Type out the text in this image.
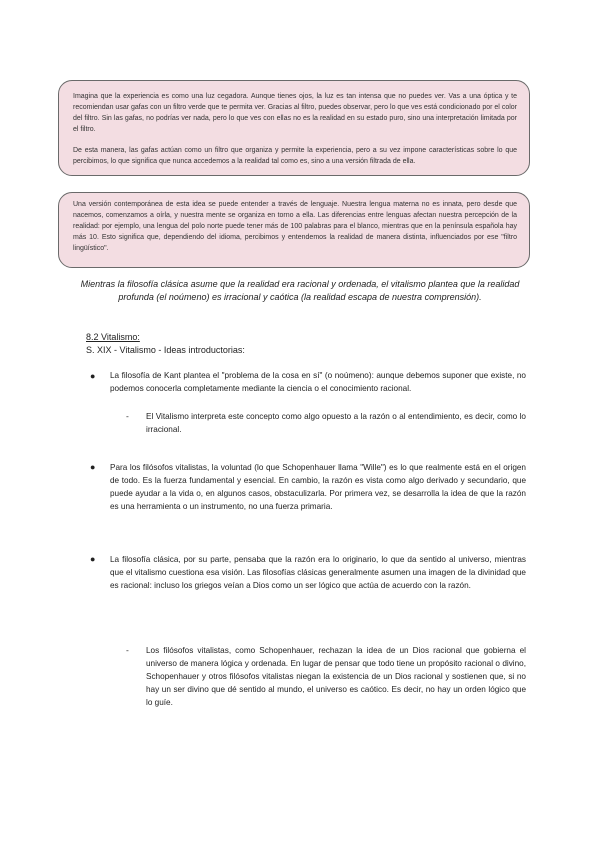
Imagina que la experiencia es como una luz cegadora. Aunque tienes ojos, la luz es tan intensa que no puedes ver. Vas a una óptica y te recomiendan usar gafas con un filtro verde que te permita ver. Gracias al filtro, puedes observar, pero lo que ves está condicionado por el color del filtro. Sin las gafas, no podrías ver nada, pero lo que ves con ellas no es la realidad en su estado puro, sino una interpretación limitada por el filtro.

De esta manera, las gafas actúan como un filtro que organiza y permite la experiencia, pero a su vez impone características sobre lo que percibimos, lo que significa que nunca accedemos a la realidad tal como es, sino a una versión filtrada de ella.

Una versión contemporánea de esta idea se puede entender a través de lenguaje. Nuestra lengua materna no es innata, pero desde que nacemos, comenzamos a oírla, y nuestra mente se organiza en torno a ella. Las diferencias entre lenguas afectan nuestra percepción de la realidad: por ejemplo, una lengua del polo norte puede tener más de 100 palabras para el blanco, mientras que en la península española hay más 10. Esto significa que, dependiendo del idioma, percibimos y entendemos la realidad de manera distinta, influenciados por ese "filtro lingüístico".

Mientras la filosofía clásica asume que la realidad era racional y ordenada, el vitalismo plantea que la realidad profunda (el noúmeno) es irracional y caótica (la realidad escapa de nuestra comprensión).

8.2 Vitalismo:
S. XIX - Vitalismo - Ideas introductorias:
● La filosofía de Kant plantea el "problema de la cosa en sí" (o noúmeno): aunque debemos suponer que existe, no podemos conocerla completamente mediante la ciencia o el conocimiento racional.

- El Vitalismo interpreta este concepto como algo opuesto a la razón o al entendimiento, es decir, como lo irracional.

● Para los filósofos vitalistas, la voluntad (lo que Schopenhauer llama "Wille") es lo que realmente está en el origen de todo. Es la fuerza fundamental y esencial. En cambio, la razón es vista como algo derivado y secundario, que puede ayudar a la vida o, en algunos casos, obstaculizarla. Por primera vez, se desarrolla la idea de que la razón es una herramienta o un instrumento, no una fuerza primaria.

● La filosofía clásica, por su parte, pensaba que la razón era lo originario, lo que da sentido al universo, mientras que el vitalismo cuestiona esa visión. Las filosofías clásicas generalmente asumen una imagen de la divinidad que es racional: incluso los griegos veían a Dios como un ser lógico que actúa de acuerdo con la razón.

- Los filósofos vitalistas, como Schopenhauer, rechazan la idea de un Dios racional que gobierna el universo de manera lógica y ordenada. En lugar de pensar que todo tiene un propósito racional o divino, Schopenhauer y otros filósofos vitalistas niegan la existencia de un Dios racional y sostienen que, si no hay un ser divino que dé sentido al mundo, el universo es caótico. Es decir, no hay un orden lógico que lo guíe.
